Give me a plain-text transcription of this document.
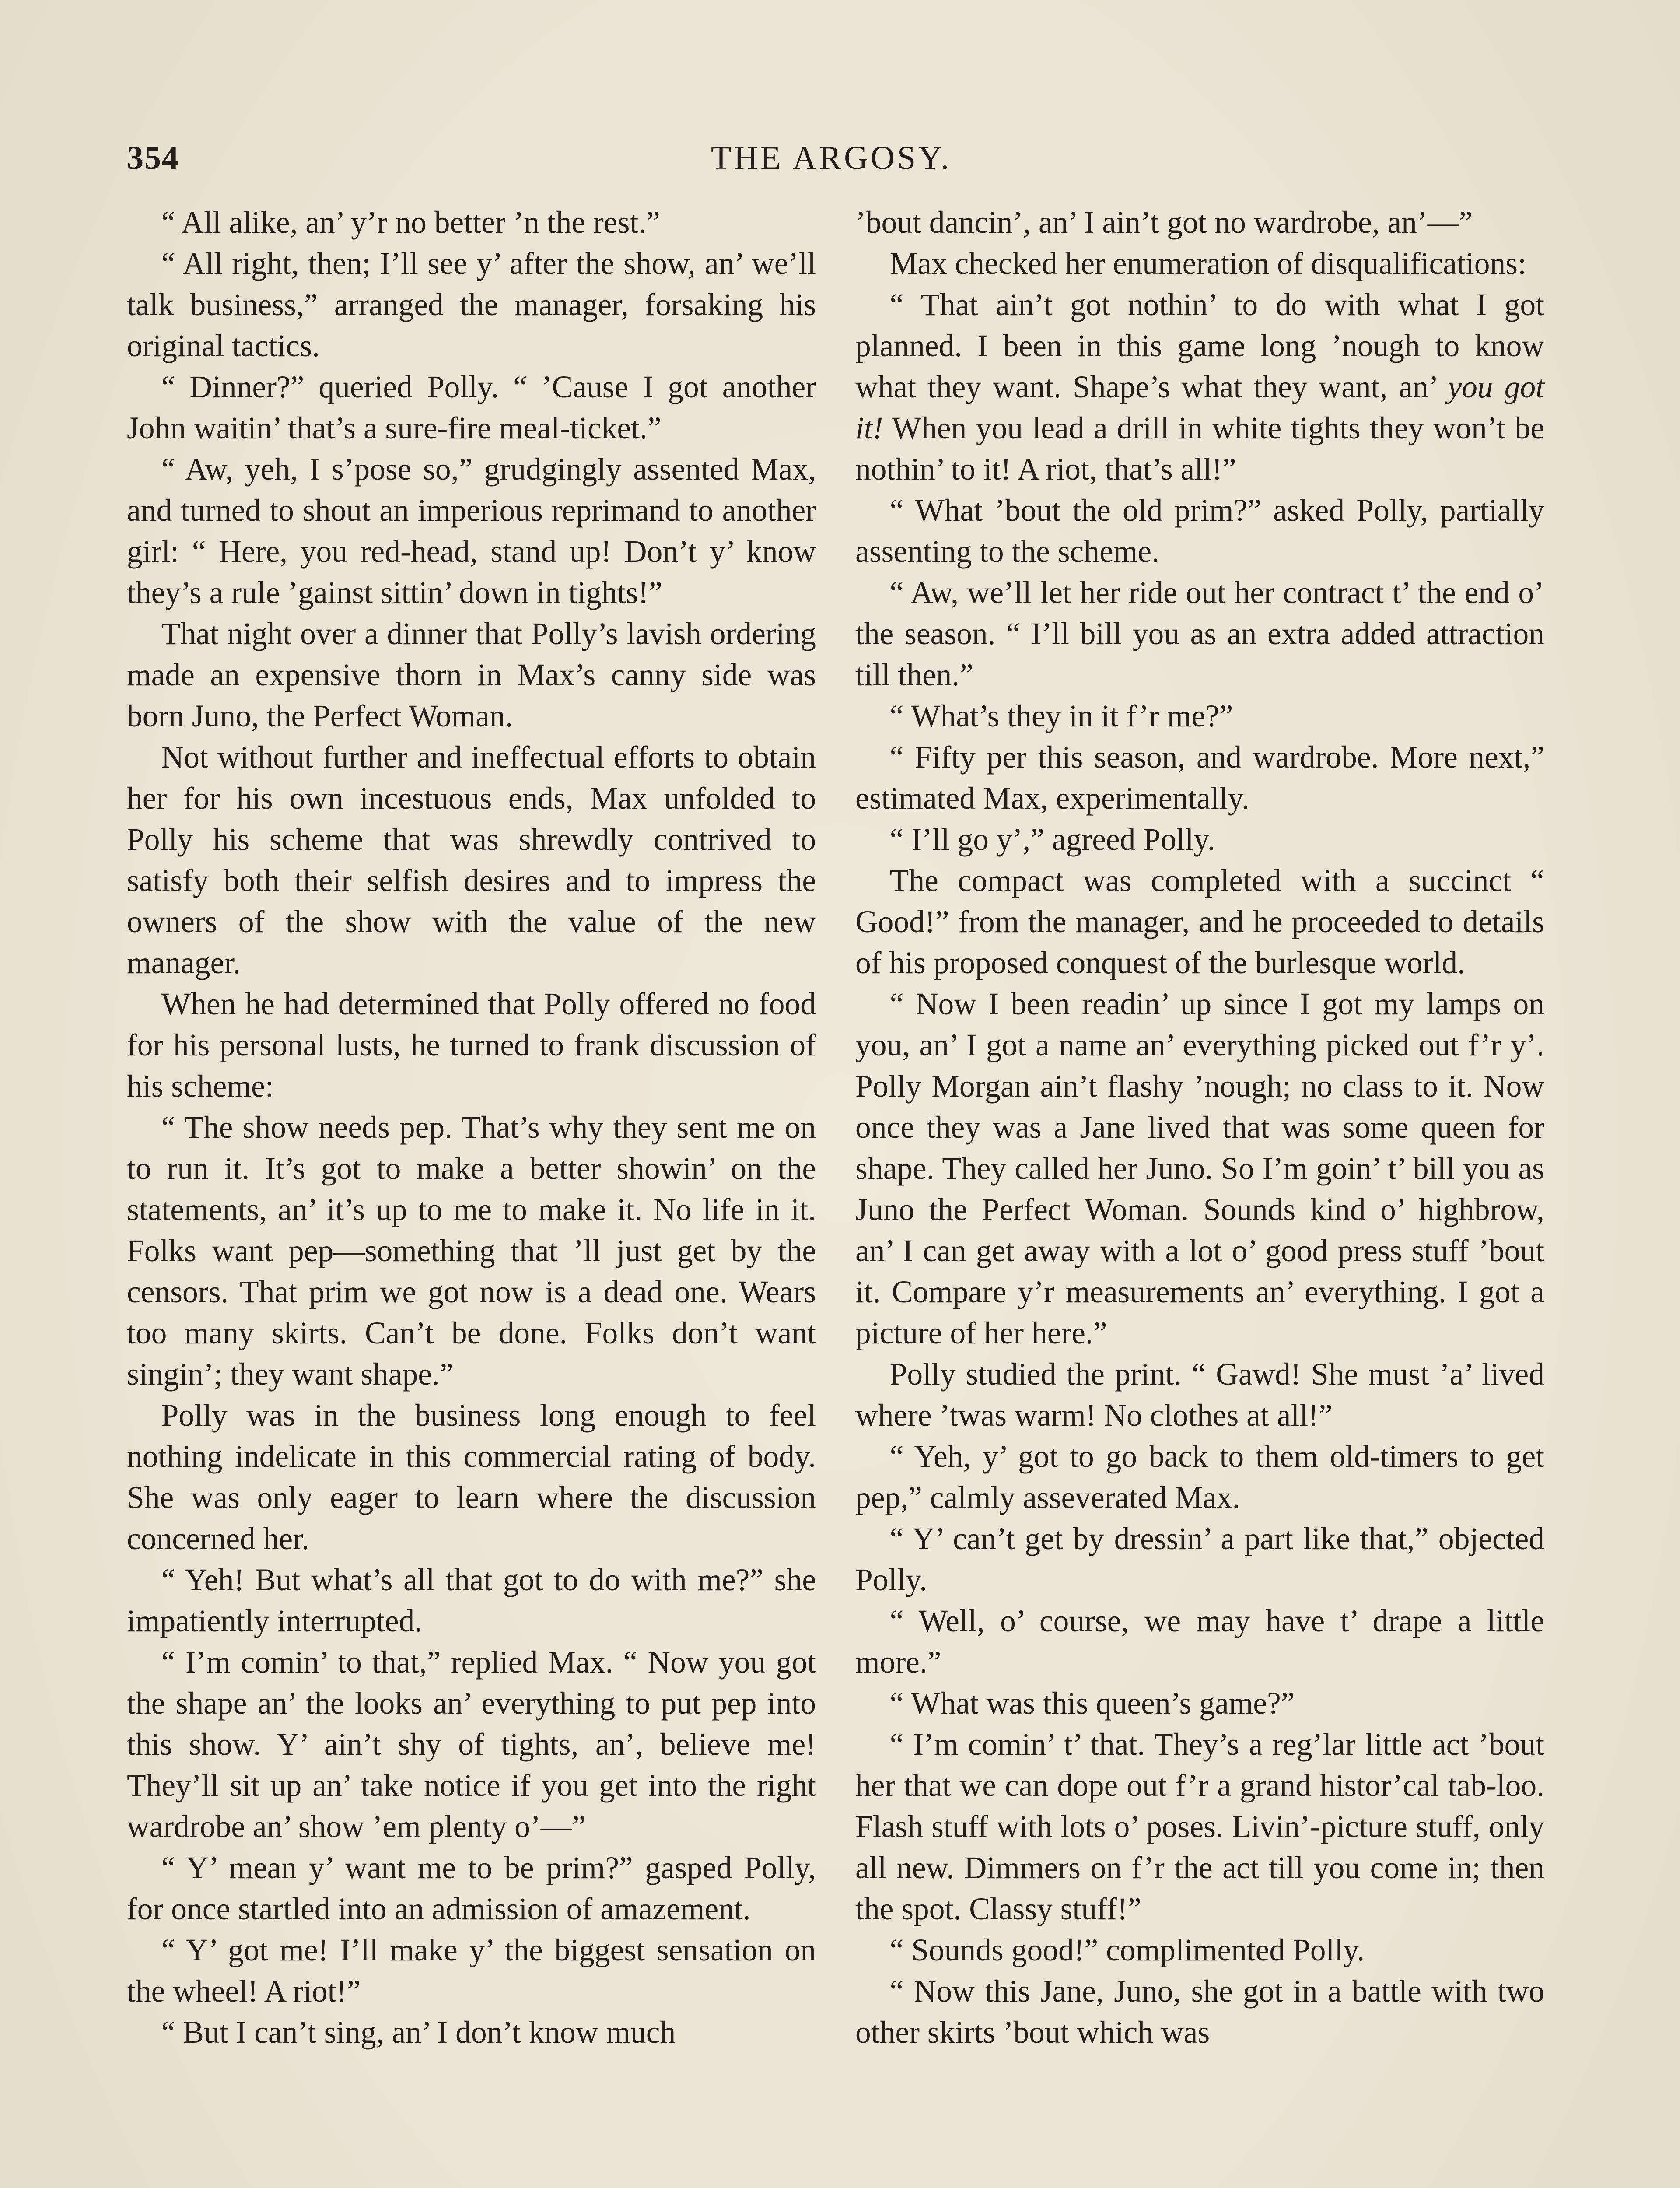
354	THE ARGOSY.

“ All alike, an’ y’r no better ’n the rest.”

“ All right, then; I’ll see y’ after the show, an’ we’ll talk business,” arranged the manager, forsaking his original tactics.

“ Dinner?” queried Polly. “ ’Cause I got another John waitin’ that’s a sure-fire meal-ticket.”

“ Aw, yeh, I s’pose so,” grudgingly assented Max, and turned to shout an imperious reprimand to another girl: “ Here, you red-head, stand up! Don’t y’ know they’s a rule ’gainst sittin’ down in tights!”

That night over a dinner that Polly’s lavish ordering made an expensive thorn in Max’s canny side was born Juno, the Perfect Woman.

Not without further and ineffectual efforts to obtain her for his own incestuous ends, Max unfolded to Polly his scheme that was shrewdly contrived to satisfy both their selfish desires and to impress the owners of the show with the value of the new manager.

When he had determined that Polly offered no food for his personal lusts, he turned to frank discussion of his scheme:

“ The show needs pep. That’s why they sent me on to run it. It’s got to make a better showin’ on the statements, an’ it’s up to me to make it. No life in it. Folks want pep—something that ’ll just get by the censors. That prim we got now is a dead one. Wears too many skirts. Can’t be done. Folks don’t want singin’; they want shape.”

Polly was in the business long enough to feel nothing indelicate in this commercial rating of body. She was only eager to learn where the discussion concerned her.

“ Yeh! But what’s all that got to do with me?” she impatiently interrupted.

“ I’m comin’ to that,” replied Max. “ Now you got the shape an’ the looks an’ everything to put pep into this show. Y’ ain’t shy of tights, an’, believe me! They’ll sit up an’ take notice if you get into the right wardrobe an’ show ’em plenty o’—”

“ Y’ mean y’ want me to be prim?” gasped Polly, for once startled into an admission of amazement.

“ Y’ got me! I’ll make y’ the biggest sensation on the wheel! A riot!”

“ But I can’t sing, an’ I don’t know much

’bout dancin’, an’ I ain’t got no wardrobe, an’—”

Max checked her enumeration of disqualifications:

“ That ain’t got nothin’ to do with what I got planned. I been in this game long ’nough to know what they want. Shape’s what they want, an’ you got it! When you lead a drill in white tights they won’t be nothin’ to it! A riot, that’s all!”

“ What ’bout the old prim?” asked Polly, partially assenting to the scheme.

“ Aw, we’ll let her ride out her contract t’ the end o’ the season. “ I’ll bill you as an extra added attraction till then.”

“ What’s they in it f’r me?”

“ Fifty per this season, and wardrobe. More next,” estimated Max, experimentally.

“ I’ll go y’,” agreed Polly.

The compact was completed with a succinct “ Good!” from the manager, and he proceeded to details of his proposed conquest of the burlesque world.

“ Now I been readin’ up since I got my lamps on you, an’ I got a name an’ everything picked out f’r y’. Polly Morgan ain’t flashy ’nough; no class to it. Now once they was a Jane lived that was some queen for shape. They called her Juno. So I’m goin’ t’ bill you as Juno the Perfect Woman. Sounds kind o’ highbrow, an’ I can get away with a lot o’ good press stuff ’bout it. Compare y’r measurements an’ everything. I got a picture of her here.”

Polly studied the print. “ Gawd! She must ’a’ lived where ’twas warm! No clothes at all!”

“ Yeh, y’ got to go back to them old-timers to get pep,” calmly asseverated Max.

“ Y’ can’t get by dressin’ a part like that,” objected Polly.

“ Well, o’ course, we may have t’ drape a little more.”

“ What was this queen’s game?”

“ I’m comin’ t’ that. They’s a reg’lar little act ’bout her that we can dope out f’r a grand histor’cal tab-loo. Flash stuff with lots o’ poses. Livin’-picture stuff, only all new. Dimmers on f’r the act till you come in; then the spot. Classy stuff!”

“ Sounds good!” complimented Polly.

“ Now this Jane, Juno, she got in a battle with two other skirts ’bout which was
